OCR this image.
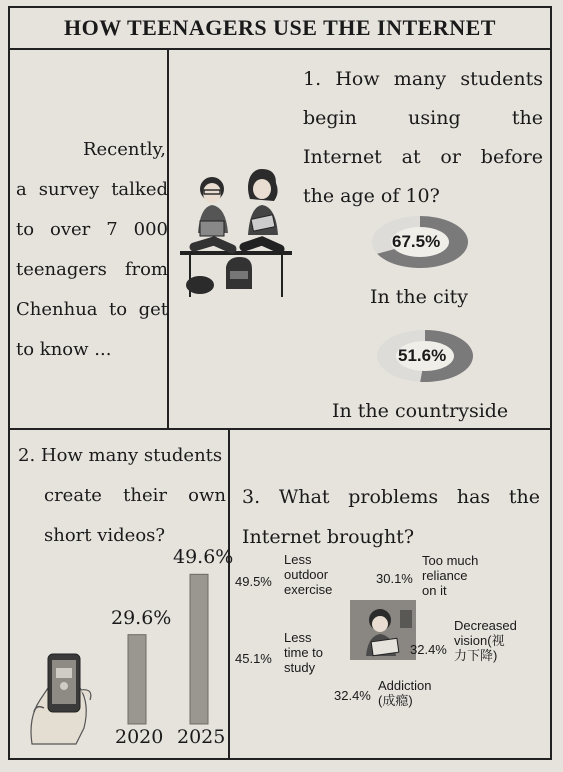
HOW TEENAGERS USE THE INTERNET

Recently,

a survey talked

to over 7 000

teenagers from

Chenhua to get

to know ...

1. How many students
begin using the
Internet at or before
the age of 10?
67.5%
In the city
51.6%
In the countryside
2. How many students
create their own
short videos?
3. What problems has the
Internet brought?
49.5%
Less
outdoor
exercise
30.1%
Too much
reliance
on it
45.1%
Less
time to
study
32.4%
Decreased
vision(视
力下降)
32.4%
Addiction
(成瘾)
29.6%
2020
49.6%
2025
